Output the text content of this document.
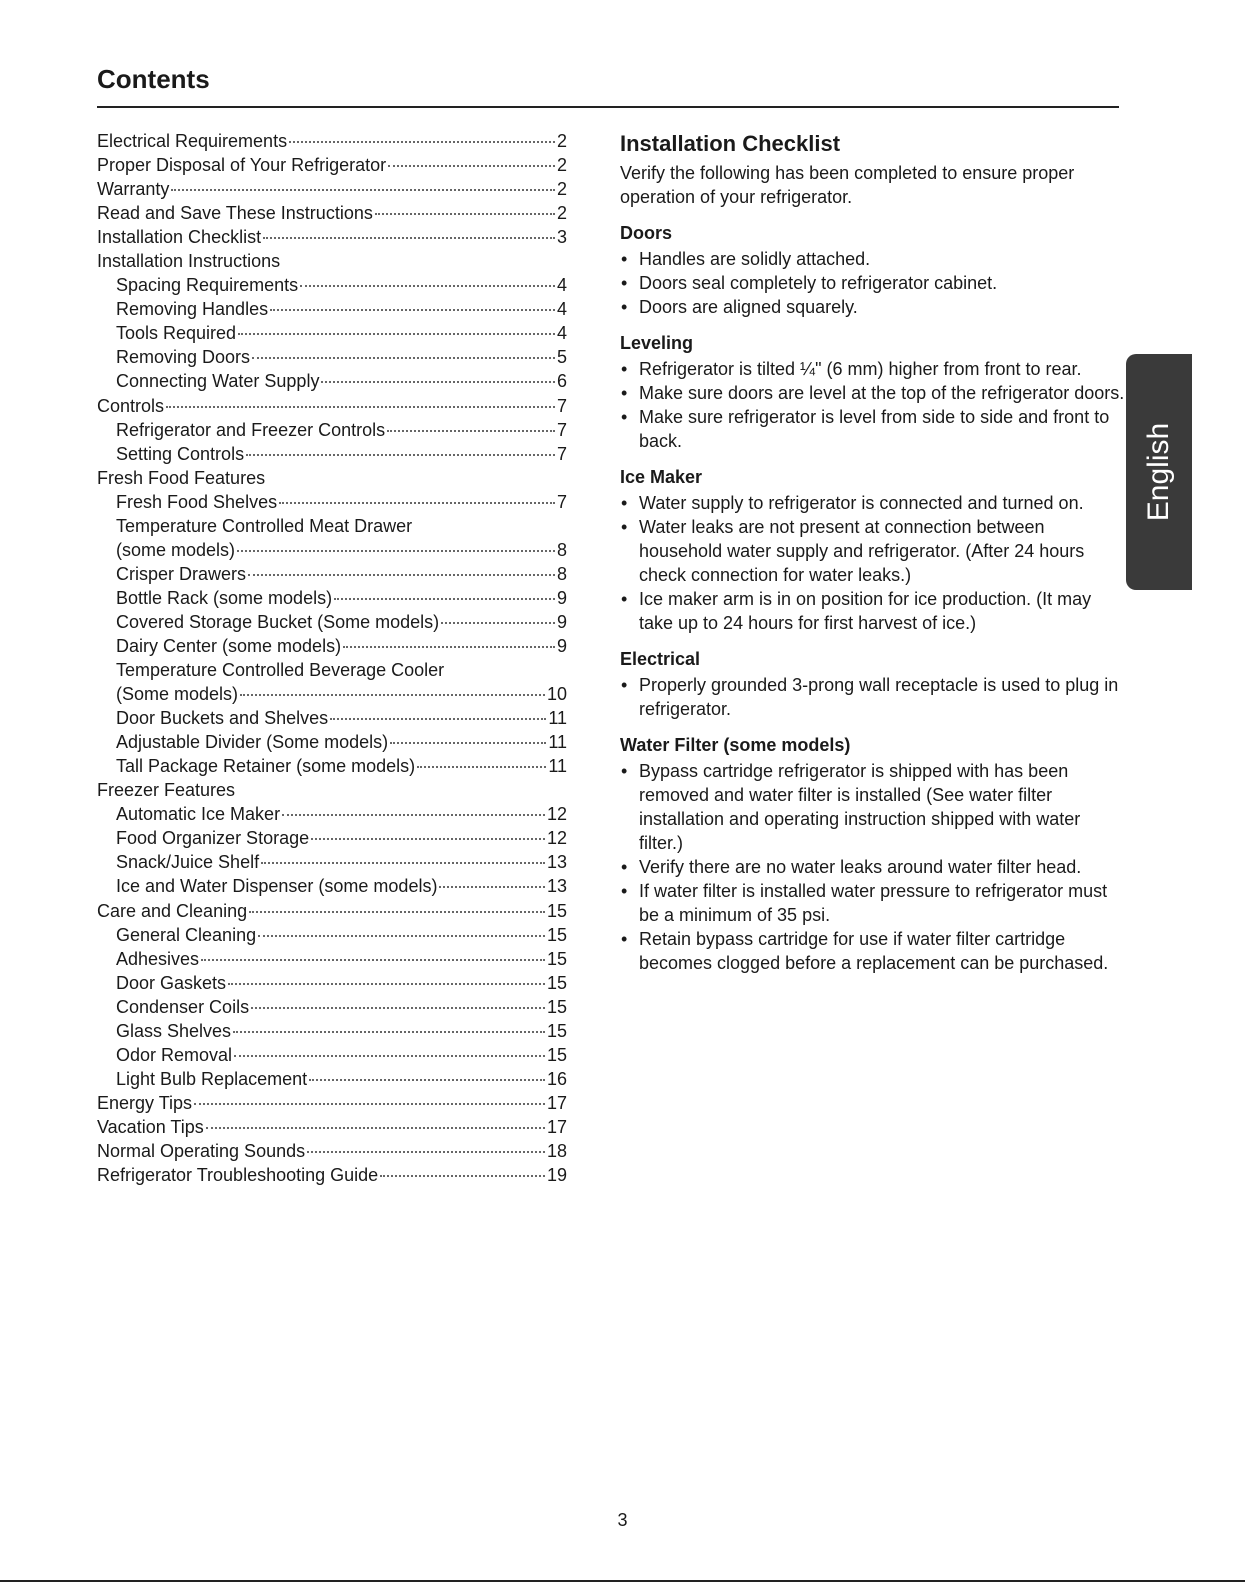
Contents
Electrical Requirements	2
Proper Disposal of Your Refrigerator	2
Warranty	2
Read and Save These Instructions	2
Installation Checklist	3
Installation Instructions
Spacing Requirements	4
Removing Handles	4
Tools Required	4
Removing Doors	5
Connecting Water Supply	6
Controls	7
Refrigerator and Freezer Controls	7
Setting Controls	7
Fresh Food Features
Fresh Food Shelves	7
Temperature Controlled Meat Drawer
(some models)	8
Crisper Drawers	8
Bottle Rack (some models)	9
Covered Storage Bucket (Some models)	9
Dairy Center (some models)	9
Temperature Controlled Beverage Cooler
(Some models)	10
Door Buckets and Shelves	11
Adjustable Divider (Some models)	11
Tall Package Retainer (some models)	11
Freezer Features
Automatic Ice Maker	12
Food Organizer Storage	12
Snack/Juice Shelf	13
Ice and Water Dispenser (some models)	13
Care and Cleaning	15
General Cleaning	15
Adhesives	15
Door Gaskets	15
Condenser Coils	15
Glass Shelves	15
Odor Removal	15
Light Bulb Replacement	16
Energy Tips	17
Vacation Tips	17
Normal Operating Sounds	18
Refrigerator Troubleshooting Guide	19
Installation Checklist

Verify the following has been completed to ensure proper operation of your refrigerator.

Doors
• Handles are solidly attached.
• Doors seal completely to refrigerator cabinet.
• Doors are aligned squarely.
Leveling
• Refrigerator is tilted ¼" (6 mm) higher from front to rear.
• Make sure doors are level at the top of the refrigerator doors.
• Make sure refrigerator is level from side to side and front to back.
Ice Maker
• Water supply to refrigerator is connected and turned on.
• Water leaks are not present at connection between household water supply and refrigerator. (After 24 hours check connection for water leaks.)
• Ice maker arm is in on position for ice production. (It may take up to 24 hours for first harvest of ice.)
Electrical
• Properly grounded 3-prong wall receptacle is used to plug in refrigerator.
Water Filter (some models)
• Bypass cartridge refrigerator is shipped with has been removed and water filter is installed (See water filter installation and operating instruction shipped with water filter.)
• Verify there are no water leaks around water filter head.
• If water filter is installed water pressure to refrigerator must be a minimum of 35 psi.
• Retain bypass cartridge for use if water filter cartridge becomes clogged before a replacement can be purchased.
English
3
